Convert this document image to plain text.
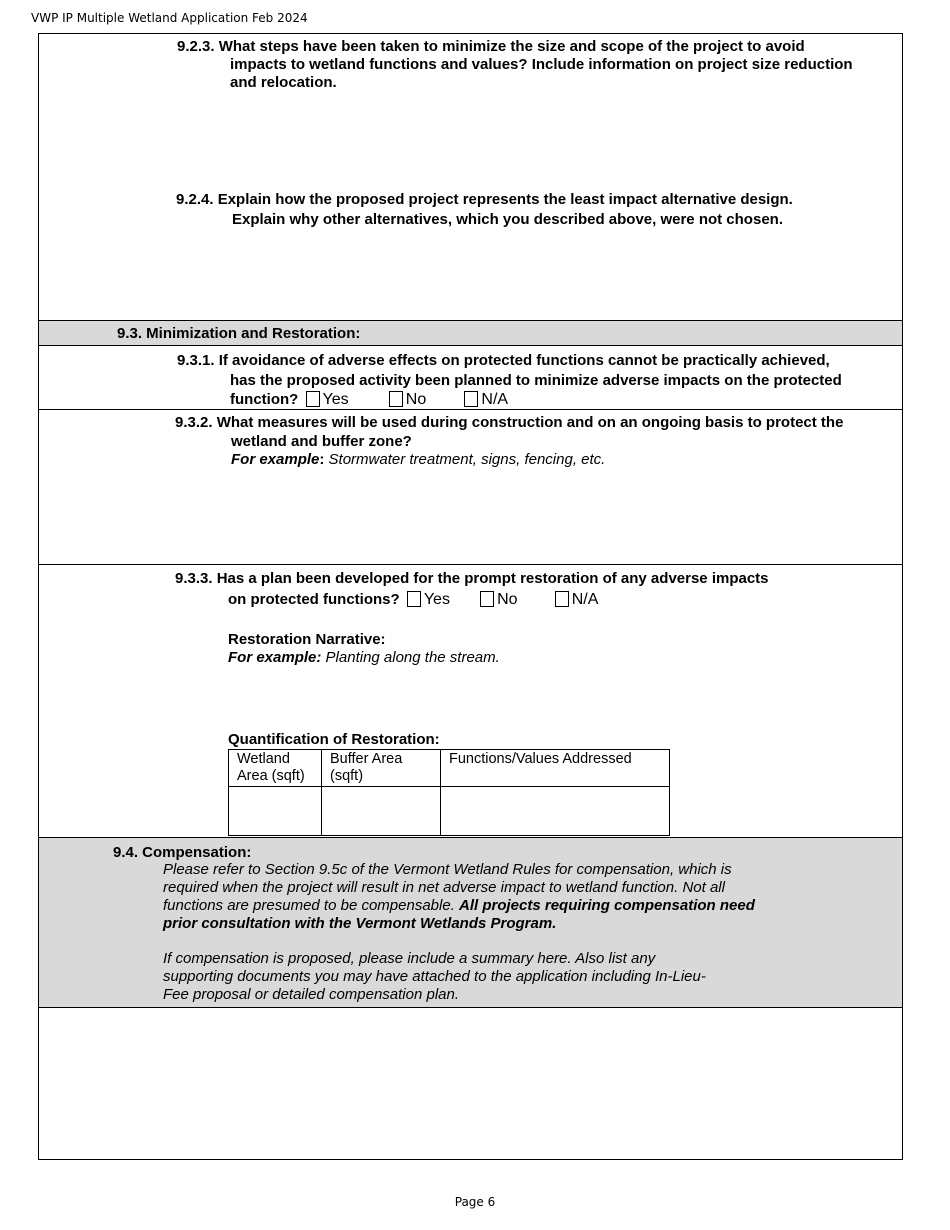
VWP IP Multiple Wetland Application Feb 2024
9.2.3. What steps have been taken to minimize the size and scope of the project to avoid
impacts to wetland functions and values? Include information on project size reduction
and relocation.
9.2.4. Explain how the proposed project represents the least impact alternative design.
Explain why other alternatives, which you described above, were not chosen.
9.3. Minimization and Restoration:
9.3.1. If avoidance of adverse effects on protected functions cannot be practically achieved,
has the proposed activity been planned to minimize adverse impacts on the protected
function? Yes	No	N/A
9.3.2. What measures will be used during construction and on an ongoing basis to protect the
wetland and buffer zone?
For example: Stormwater treatment, signs, fencing, etc.
9.3.3. Has a plan been developed for the prompt restoration of any adverse impacts
on protected functions? Yes	No	N/A
Restoration Narrative:
For example: Planting along the stream.
Quantification of Restoration:
Wetland Area (sqft)	Buffer Area (sqft)	Functions/Values Addressed

9.4. Compensation:
Please refer to Section 9.5c of the Vermont Wetland Rules for compensation, which is
required when the project will result in net adverse impact to wetland function. Not all
functions are presumed to be compensable. All projects requiring compensation need
prior consultation with the Vermont Wetlands Program.
If compensation is proposed, please include a summary here. Also list any
supporting documents you may have attached to the application including In-Lieu-
Fee proposal or detailed compensation plan.
Page 6
